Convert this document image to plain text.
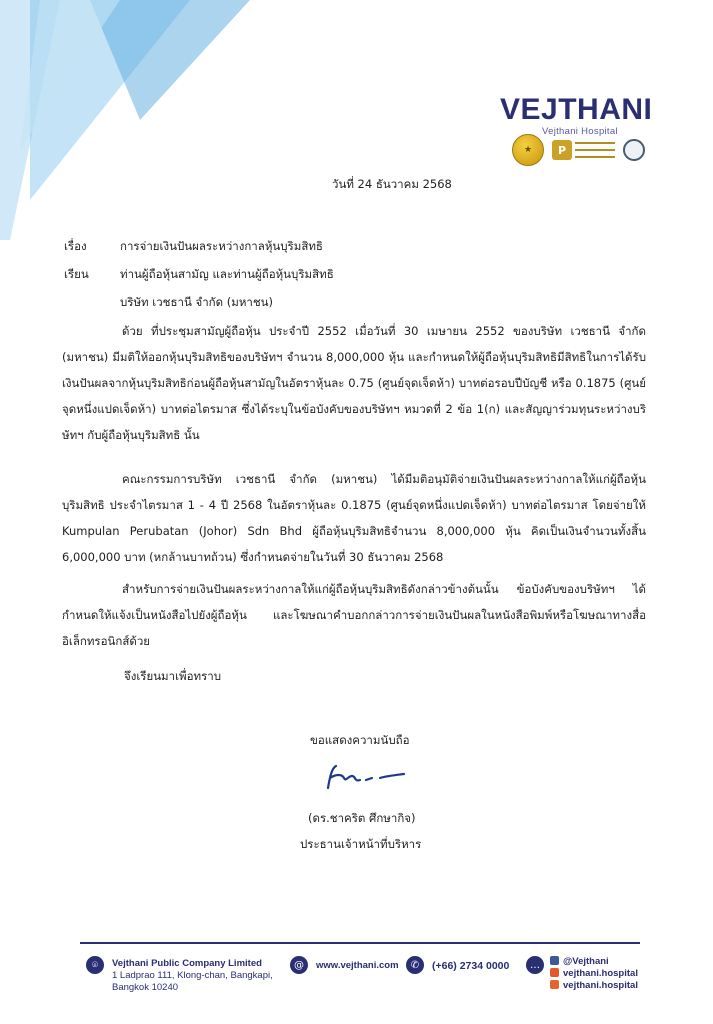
VEJTHANI
Vejthani Hospital
★	P
วันที่ 24 ธันวาคม 2568
เรื่อง	การจ่ายเงินปันผลระหว่างกาลหุ้นบุริมสิทธิ
เรียน	ท่านผู้ถือหุ้นสามัญ และท่านผู้ถือหุ้นบุริมสิทธิ
บริษัท เวชธานี จำกัด (มหาชน)
ด้วย ที่ประชุมสามัญผู้ถือหุ้น ประจำปี 2552 เมื่อวันที่ 30 เมษายน 2552 ของบริษัท เวชธานี จำกัด (มหาชน) มีมติให้ออกหุ้นบุริมสิทธิของบริษัทฯ จำนวน 8,000,000 หุ้น และกำหนดให้ผู้ถือหุ้นบุริมสิทธิมีสิทธิในการได้รับเงินปันผลจากหุ้นบุริมสิทธิก่อนผู้ถือหุ้นสามัญในอัตราหุ้นละ 0.75 (ศูนย์จุดเจ็ดห้า) บาทต่อรอบปีบัญชี หรือ 0.1875 (ศูนย์จุดหนึ่งแปดเจ็ดห้า) บาทต่อไตรมาส ซึ่งได้ระบุในข้อบังคับของบริษัทฯ หมวดที่ 2 ข้อ 1(ก) และสัญญาร่วมทุนระหว่างบริษัทฯ กับผู้ถือหุ้นบุริมสิทธิ นั้น
คณะกรรมการบริษัท เวชธานี จำกัด (มหาชน) ได้มีมติอนุมัติจ่ายเงินปันผลระหว่างกาลให้แก่ผู้ถือหุ้นบุริมสิทธิ ประจำไตรมาส 1 - 4 ปี 2568 ในอัตราหุ้นละ 0.1875 (ศูนย์จุดหนึ่งแปดเจ็ดห้า) บาทต่อไตรมาส โดยจ่ายให้ Kumpulan Perubatan (Johor) Sdn Bhd ผู้ถือหุ้นบุริมสิทธิจำนวน 8,000,000 หุ้น คิดเป็นเงินจำนวนทั้งสิ้น 6,000,000 บาท (หกล้านบาทถ้วน) ซึ่งกำหนดจ่ายในวันที่ 30 ธันวาคม 2568
สำหรับการจ่ายเงินปันผลระหว่างกาลให้แก่ผู้ถือหุ้นบุริมสิทธิดังกล่าวข้างต้นนั้น ข้อบังคับของบริษัทฯ ได้กำหนดให้แจ้งเป็นหนังสือไปยังผู้ถือหุ้น และโฆษณาคำบอกกล่าวการจ่ายเงินปันผลในหนังสือพิมพ์หรือโฆษณาทางสื่ออิเล็กทรอนิกส์ด้วย
จึงเรียนมาเพื่อทราบ
ขอแสดงความนับถือ
(ดร.ชาคริต ศึกษากิจ)
ประธานเจ้าหน้าที่บริหาร
⌾	Vejthani Public Company Limited
1 Ladprao 111, Klong-chan, Bangkapi,
Bangkok 10240
@	www.vejthani.com	✆	(+66) 2734 0000	…	@Vejthani
vejthani.hospital
vejthani.hospital
